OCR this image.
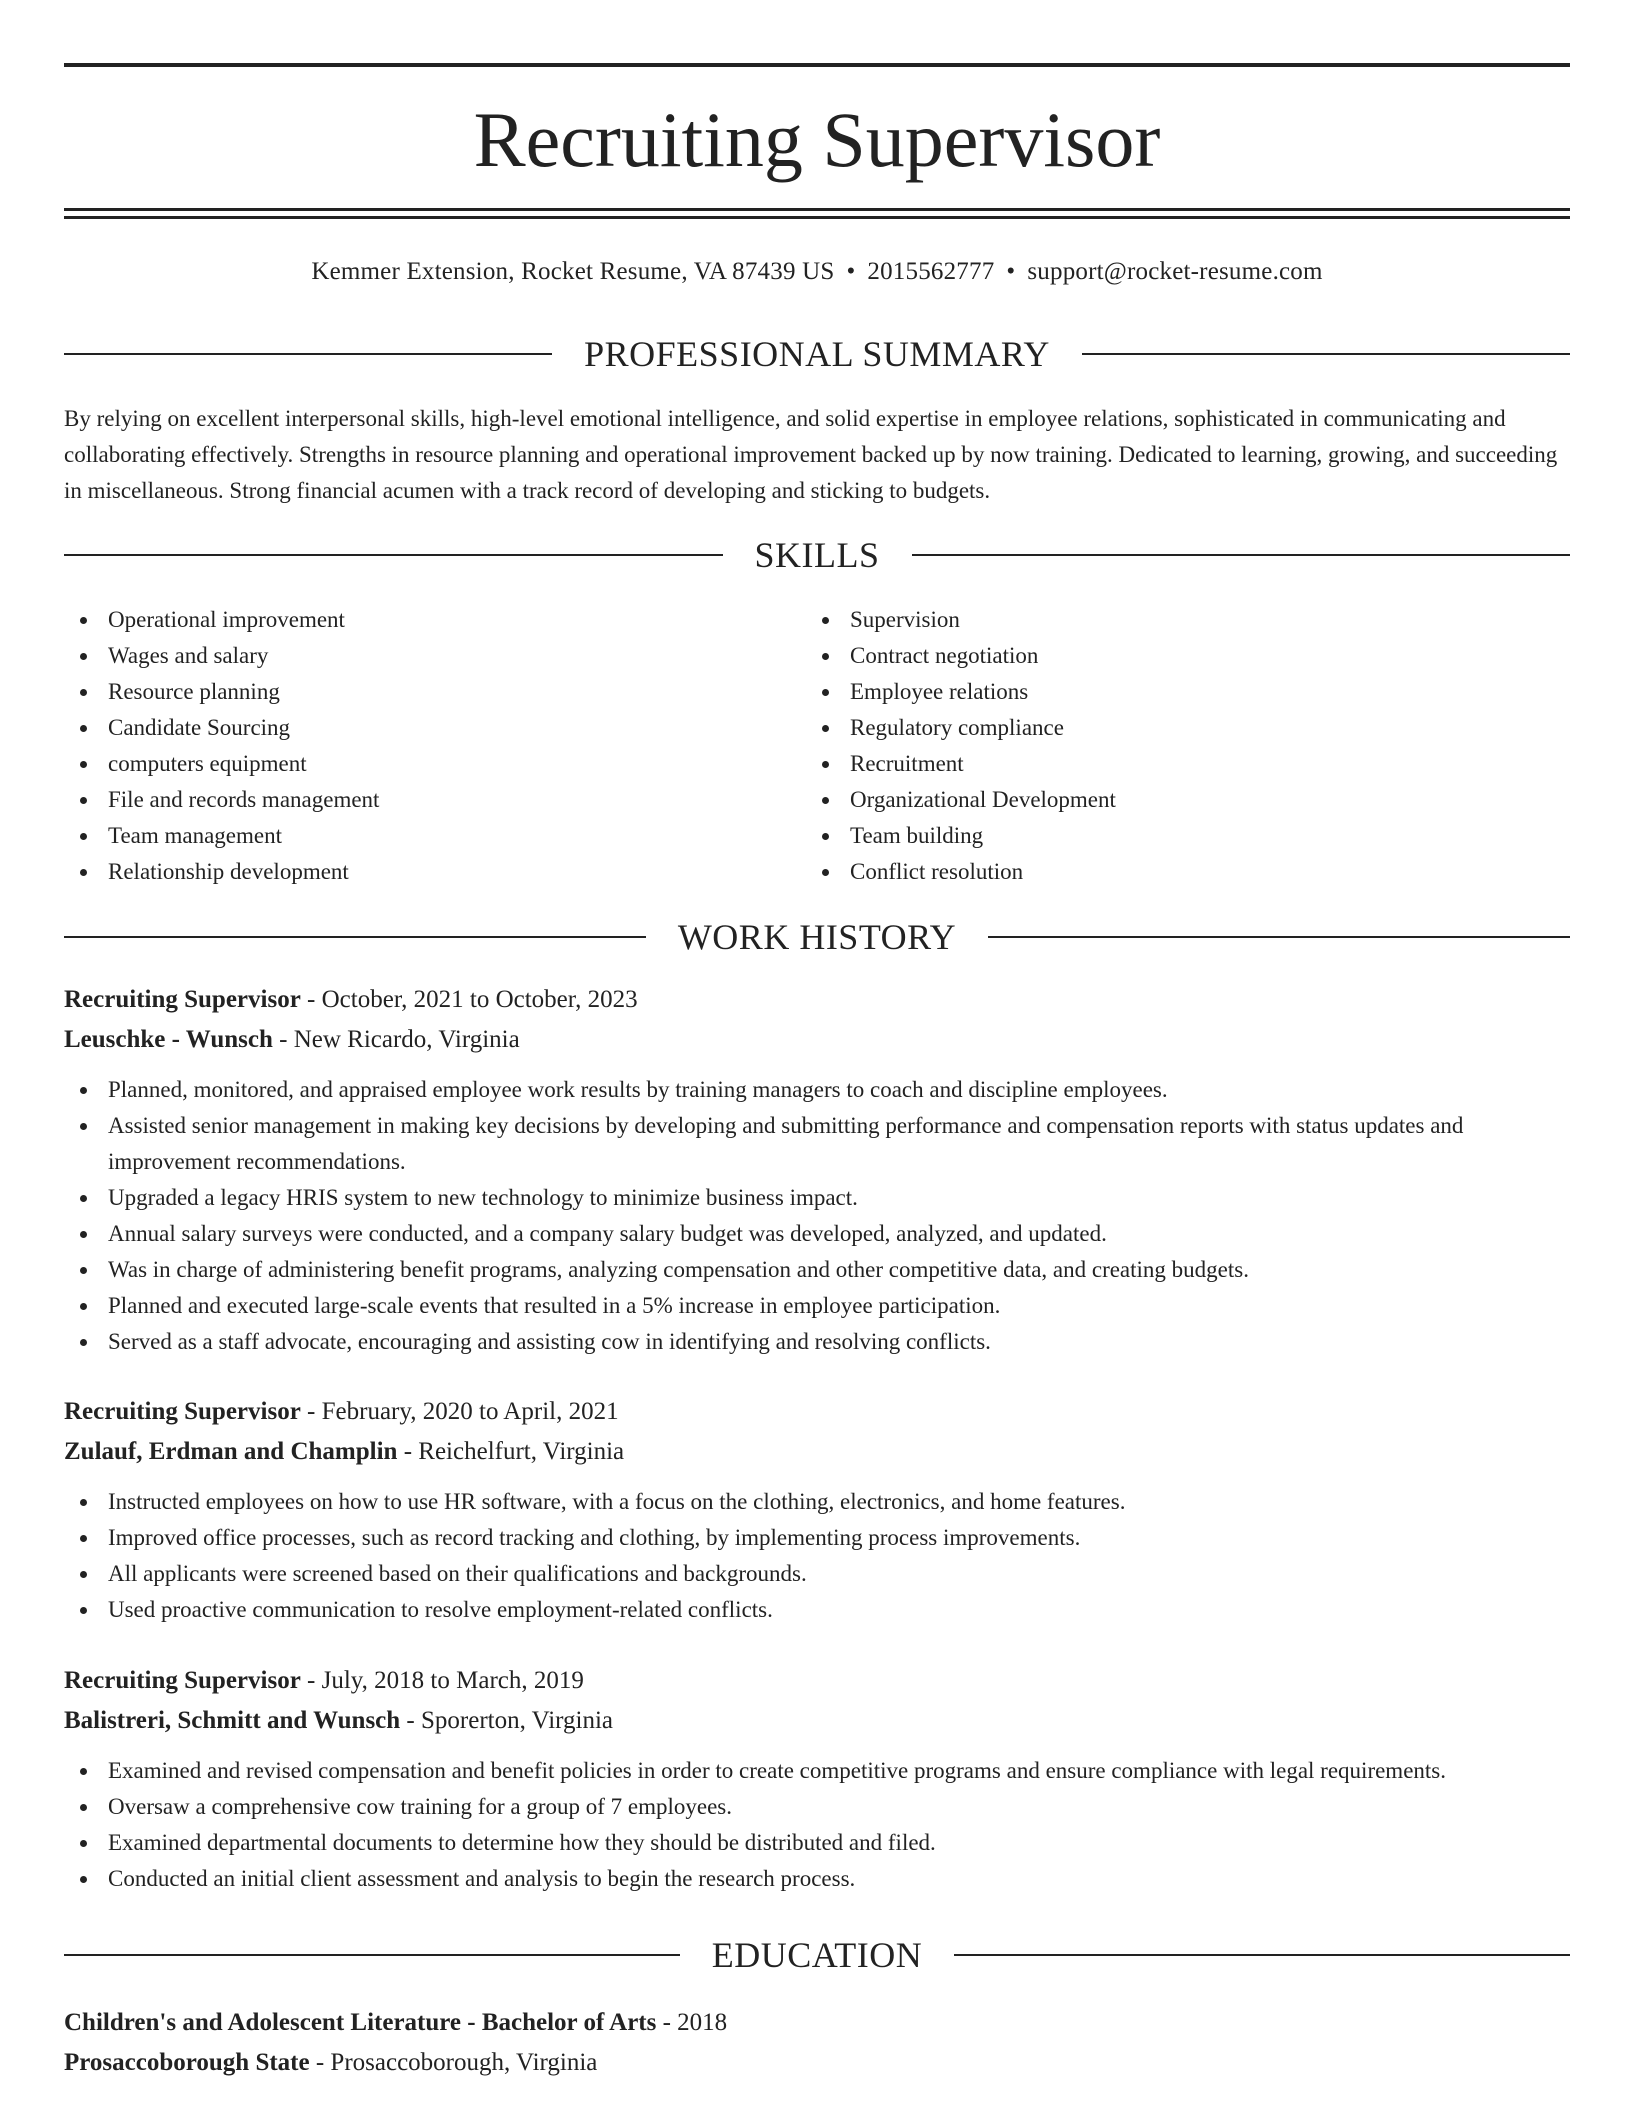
Recruiting Supervisor
Kemmer Extension, Rocket Resume, VA 87439 US • 2015562777 • support@rocket-resume.com
PROFESSIONAL SUMMARY

By relying on excellent interpersonal skills, high-level emotional intelligence, and solid expertise in employee relations, sophisticated in communicating and collaborating effectively. Strengths in resource planning and operational improvement backed up by now training. Dedicated to learning, growing, and succeeding in miscellaneous. Strong financial acumen with a track record of developing and sticking to budgets.

SKILLS
Operational improvement
Wages and salary
Resource planning
Candidate Sourcing
computers equipment
File and records management
Team management
Relationship development
Supervision
Contract negotiation
Employee relations
Regulatory compliance
Recruitment
Organizational Development
Team building
Conflict resolution
WORK HISTORY
Recruiting Supervisor - October, 2021 to October, 2023
Leuschke - Wunsch - New Ricardo, Virginia
Planned, monitored, and appraised employee work results by training managers to coach and discipline employees.
Assisted senior management in making key decisions by developing and submitting performance and compensation reports with status updates and improvement recommendations.
Upgraded a legacy HRIS system to new technology to minimize business impact.
Annual salary surveys were conducted, and a company salary budget was developed, analyzed, and updated.
Was in charge of administering benefit programs, analyzing compensation and other competitive data, and creating budgets.
Planned and executed large-scale events that resulted in a 5% increase in employee participation.
Served as a staff advocate, encouraging and assisting cow in identifying and resolving conflicts.
Recruiting Supervisor - February, 2020 to April, 2021
Zulauf, Erdman and Champlin - Reichelfurt, Virginia
Instructed employees on how to use HR software, with a focus on the clothing, electronics, and home features.
Improved office processes, such as record tracking and clothing, by implementing process improvements.
All applicants were screened based on their qualifications and backgrounds.
Used proactive communication to resolve employment-related conflicts.
Recruiting Supervisor - July, 2018 to March, 2019
Balistreri, Schmitt and Wunsch - Sporerton, Virginia
Examined and revised compensation and benefit policies in order to create competitive programs and ensure compliance with legal requirements.
Oversaw a comprehensive cow training for a group of 7 employees.
Examined departmental documents to determine how they should be distributed and filed.
Conducted an initial client assessment and analysis to begin the research process.
EDUCATION
Children's and Adolescent Literature - Bachelor of Arts - 2018
Prosaccoborough State - Prosaccoborough, Virginia
